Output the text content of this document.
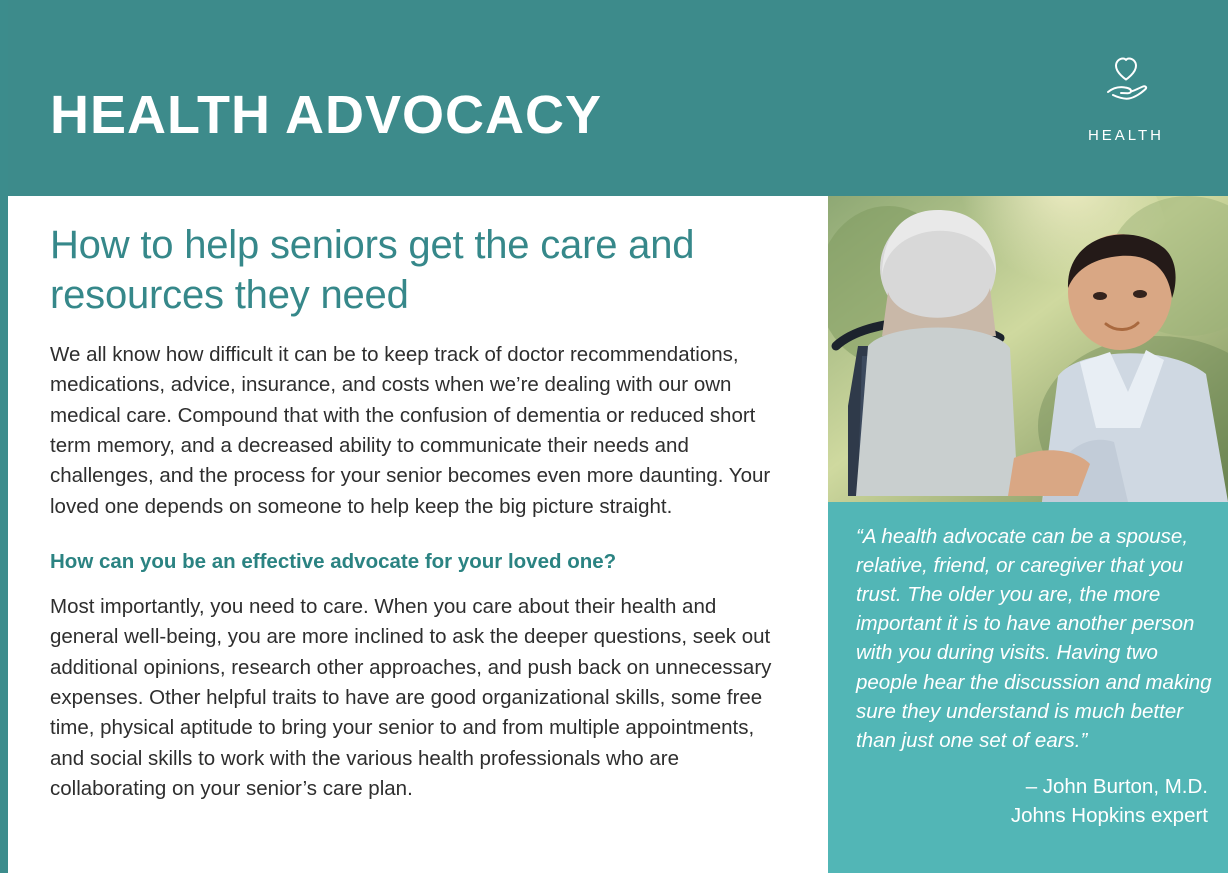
HEALTH ADVOCACY	HEALTH
How to help seniors get the care and resources they need

We all know how difficult it can be to keep track of doctor recommendations, medications, advice, insurance, and costs when we’re dealing with our own medical care. Compound that with the confusion of dementia or reduced short term memory, and a decreased ability to communicate their needs and challenges, and the process for your senior becomes even more daunting. Your loved one depends on someone to help keep the big picture straight.

How can you be an effective advocate for your loved one?

Most importantly, you need to care. When you care about their health and general well-being, you are more inclined to ask the deeper questions, seek out additional opinions, research other approaches, and push back on unnecessary expenses. Other helpful traits to have are good organizational skills, some free time, physical aptitude to bring your senior to and from multiple appointments, and social skills to work with the various health professionals who are collaborating on your senior’s care plan.

“A health advocate can be a spouse, relative, friend, or caregiver that you trust. The older you are, the more important it is to have another person with you during visits. Having two people hear the discussion and making sure they understand is much better than just one set of ears.”

– John Burton, M.D.
Johns Hopkins expert
